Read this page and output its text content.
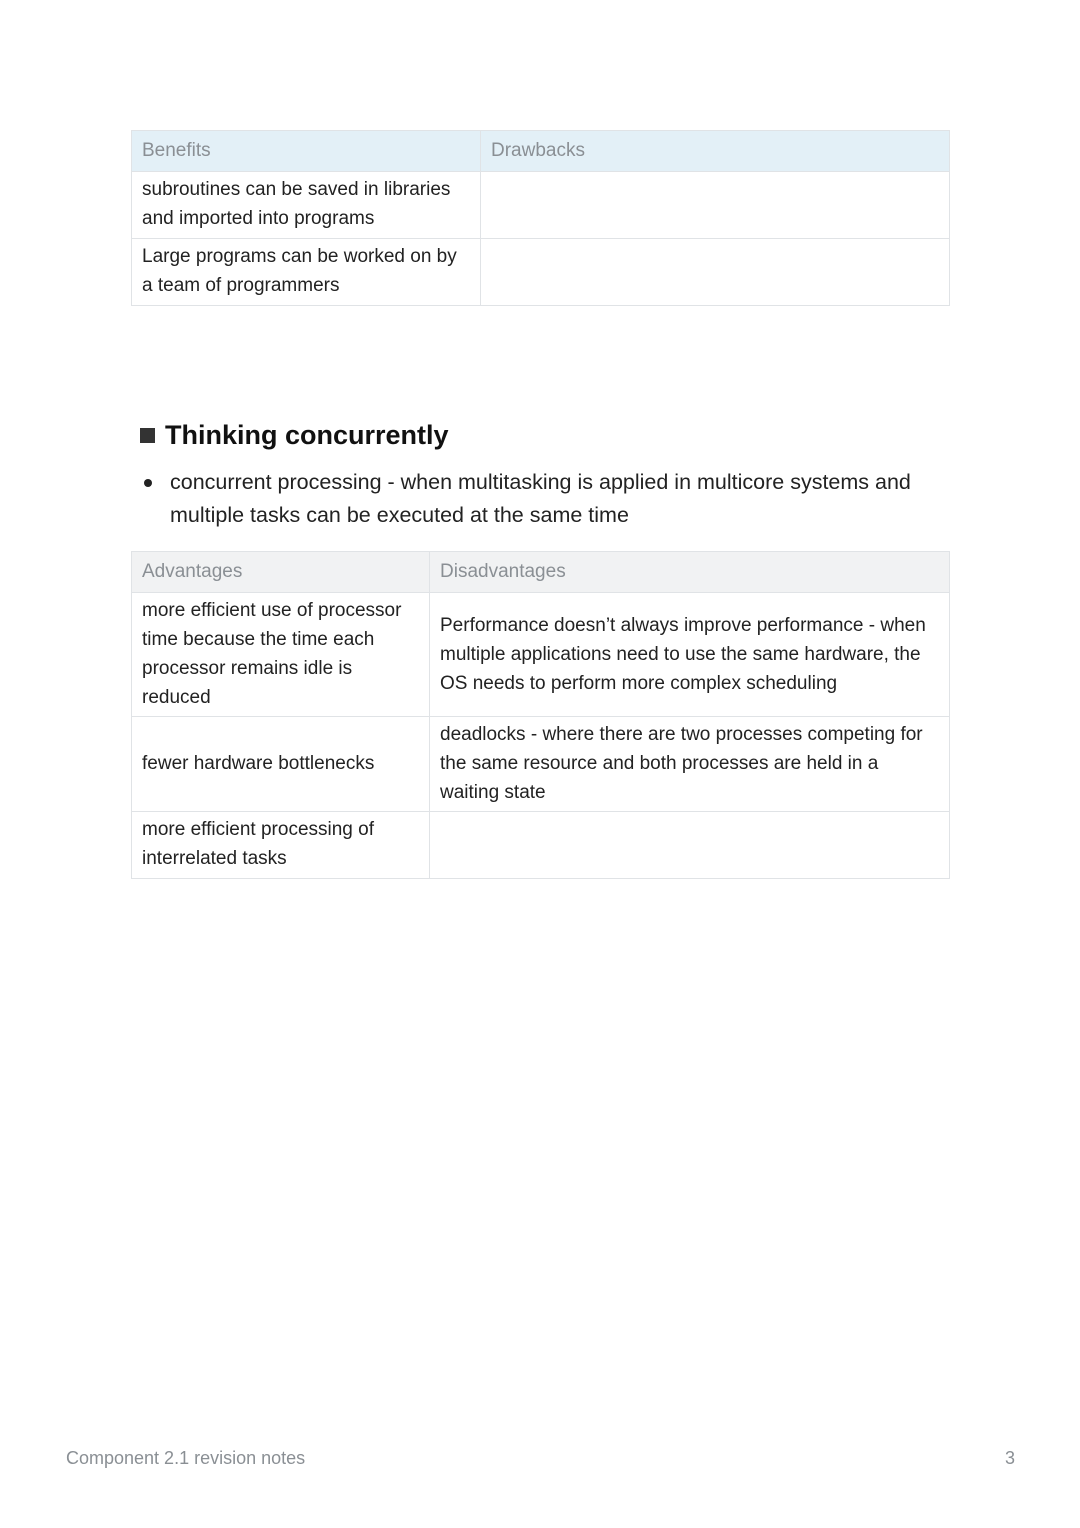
Benefits	Drawbacks
subroutines can be saved in libraries and imported into programs	
Large programs can be worked on by a team of programmers	
Thinking concurrently
concurrent processing - when multitasking is applied in multicore systems and multiple tasks can be executed at the same time
Advantages	Disadvantages
more efficient use of processor time because the time each processor remains idle is reduced	Performance doesn’t always improve performance - when multiple applications need to use the same hardware, the OS needs to perform more complex scheduling
fewer hardware bottlenecks	deadlocks - where there are two processes competing for the same resource and both processes are held in a waiting state
more efficient processing of interrelated tasks	
Component 2.1 revision notes	3
